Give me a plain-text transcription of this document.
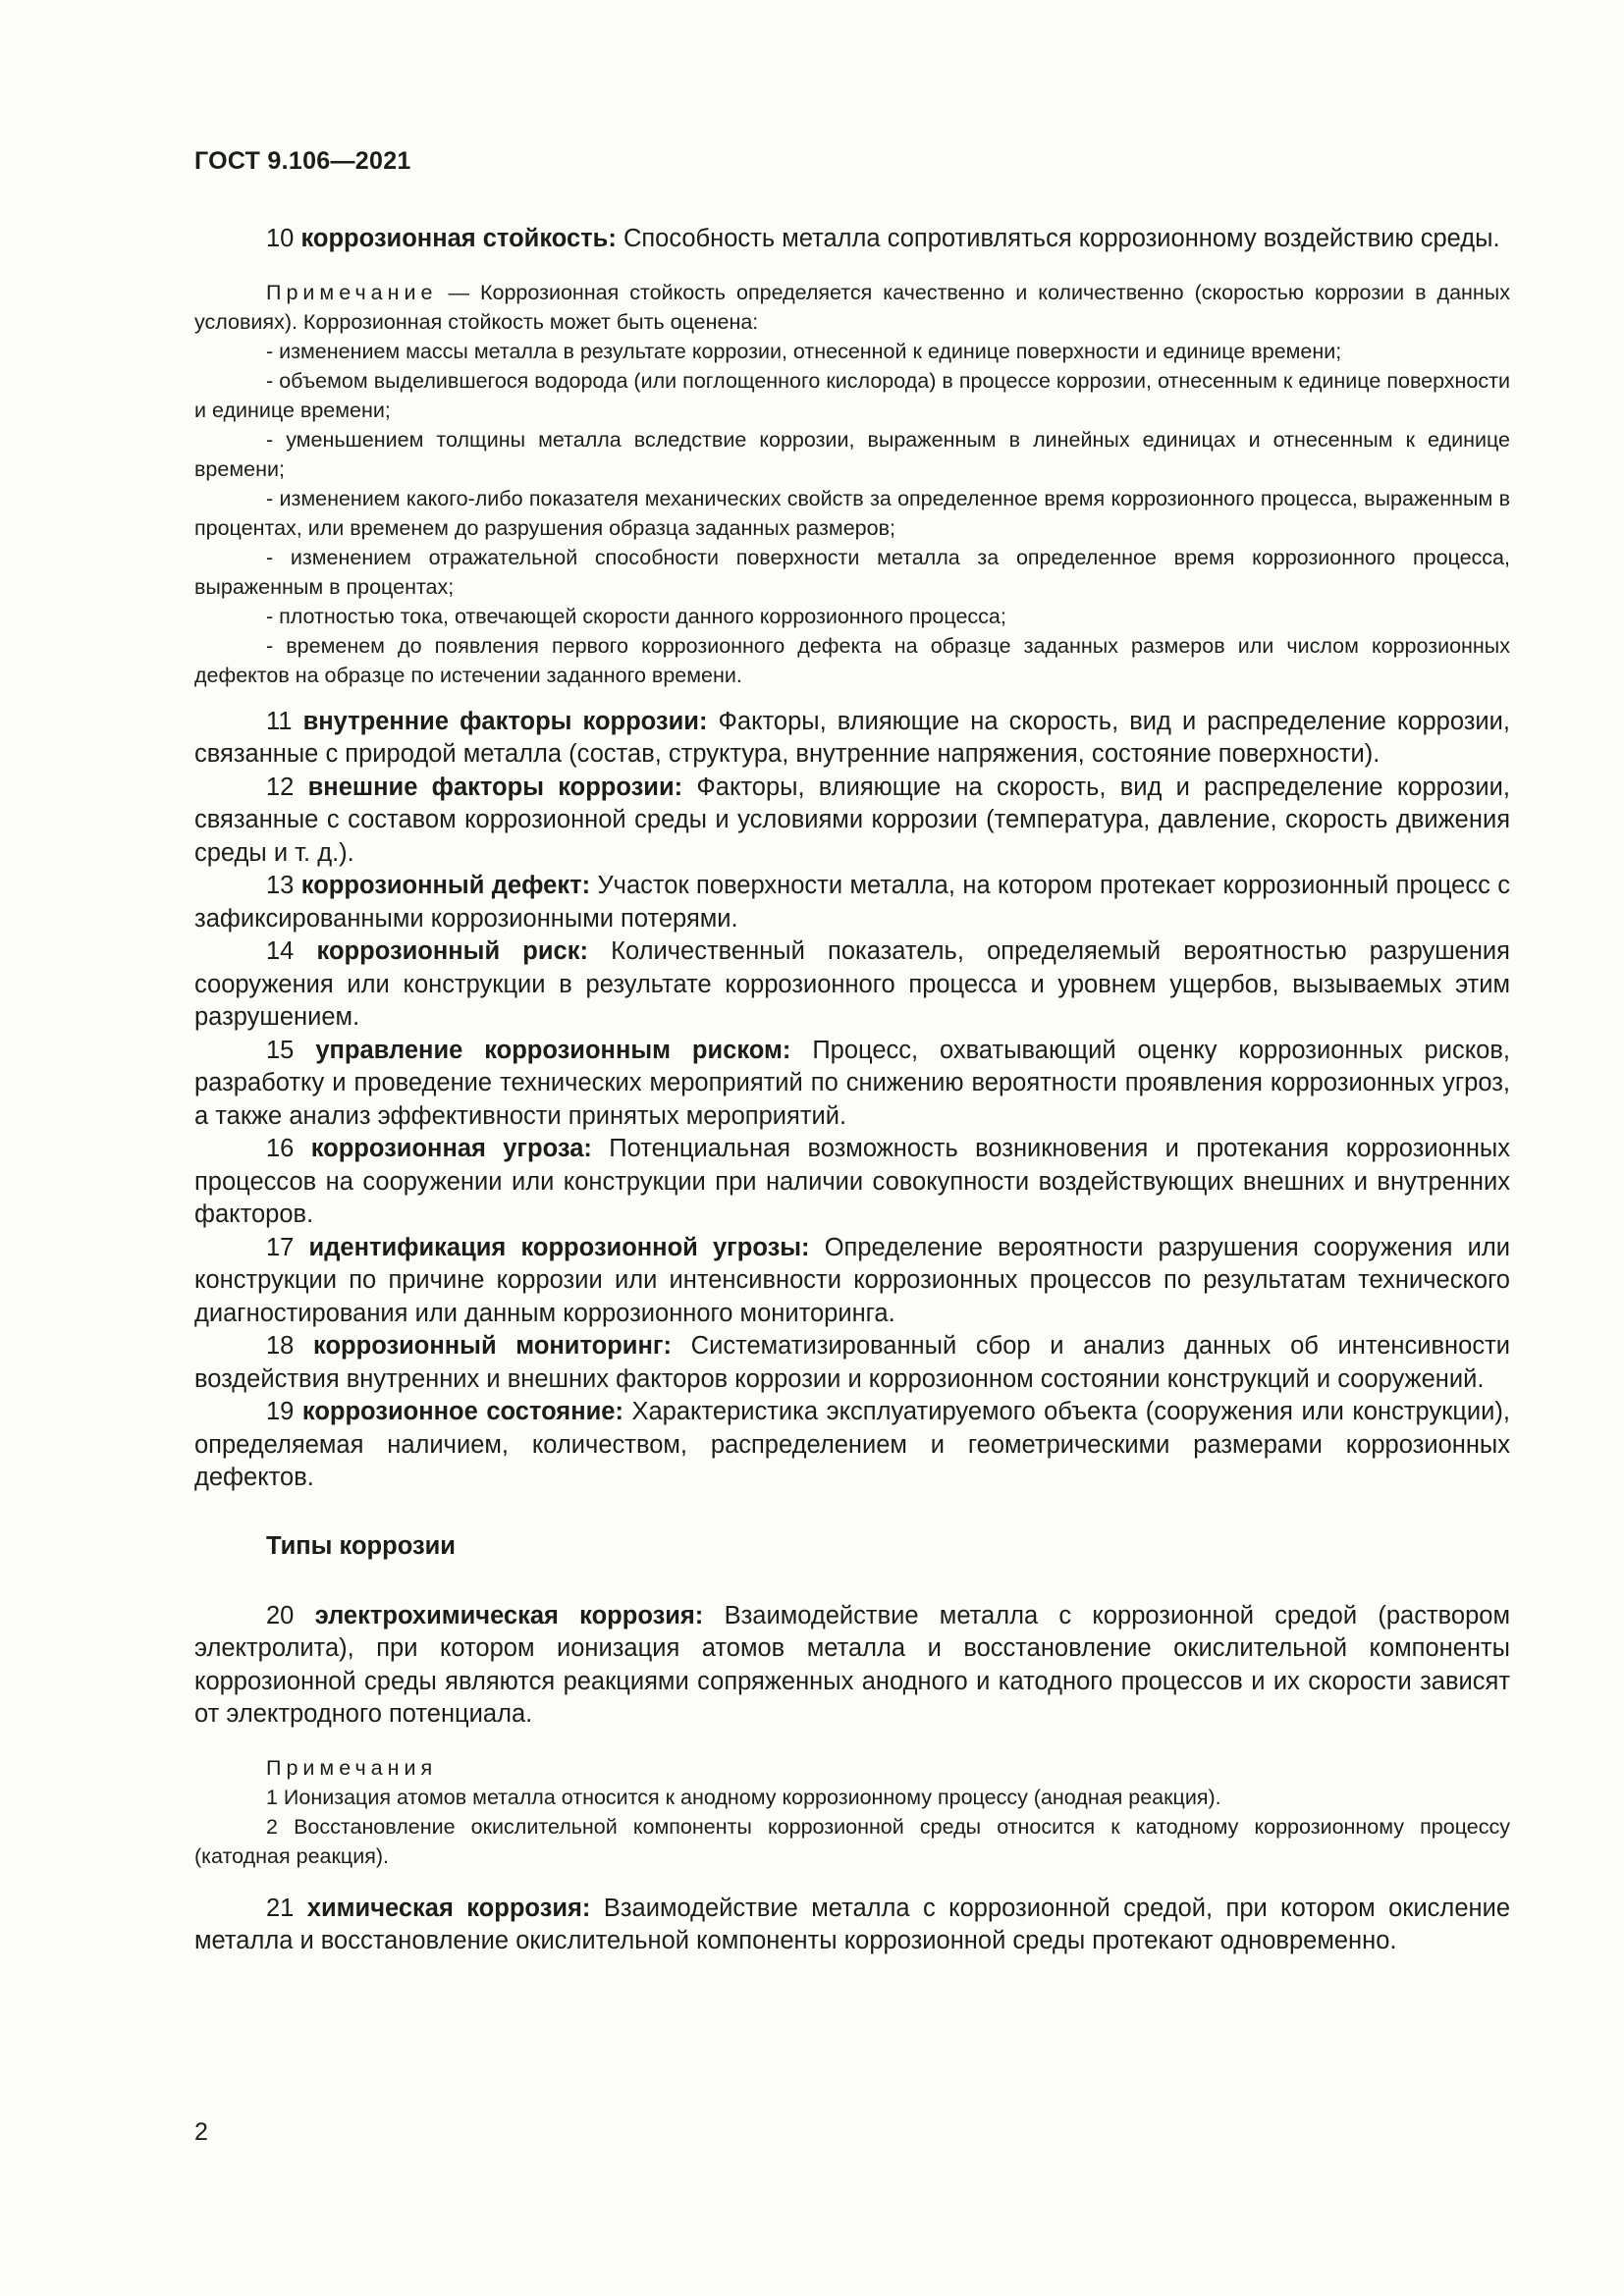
ГОСТ 9.106—2021

10 коррозионная стойкость: Способность металла сопротивляться коррозионному воздействию среды.

Примечание — Коррозионная стойкость определяется качественно и количественно (скоростью коррозии в данных условиях). Коррозионная стойкость может быть оценена:

- изменением массы металла в результате коррозии, отнесенной к единице поверхности и единице времени;

- объемом выделившегося водорода (или поглощенного кислорода) в процессе коррозии, отнесенным к единице поверхности и единице времени;

- уменьшением толщины металла вследствие коррозии, выраженным в линейных единицах и отнесенным к единице времени;

- изменением какого-либо показателя механических свойств за определенное время коррозионного процесса, выраженным в процентах, или временем до разрушения образца заданных размеров;

- изменением отражательной способности поверхности металла за определенное время коррозионного процесса, выраженным в процентах;

- плотностью тока, отвечающей скорости данного коррозионного процесса;

- временем до появления первого коррозионного дефекта на образце заданных размеров или числом коррозионных дефектов на образце по истечении заданного времени.

11 внутренние факторы коррозии: Факторы, влияющие на скорость, вид и распределение коррозии, связанные с природой металла (состав, структура, внутренние напряжения, состояние поверхности).

12 внешние факторы коррозии: Факторы, влияющие на скорость, вид и распределение коррозии, связанные с составом коррозионной среды и условиями коррозии (температура, давление, скорость движения среды и т. д.).

13 коррозионный дефект: Участок поверхности металла, на котором протекает коррозионный процесс с зафиксированными коррозионными потерями.

14 коррозионный риск: Количественный показатель, определяемый вероятностью разрушения сооружения или конструкции в результате коррозионного процесса и уровнем ущербов, вызываемых этим разрушением.

15 управление коррозионным риском: Процесс, охватывающий оценку коррозионных рисков, разработку и проведение технических мероприятий по снижению вероятности проявления коррозионных угроз, а также анализ эффективности принятых мероприятий.

16 коррозионная угроза: Потенциальная возможность возникновения и протекания коррозионных процессов на сооружении или конструкции при наличии совокупности воздействующих внешних и внутренних факторов.

17 идентификация коррозионной угрозы: Определение вероятности разрушения сооружения или конструкции по причине коррозии или интенсивности коррозионных процессов по результатам технического диагностирования или данным коррозионного мониторинга.

18 коррозионный мониторинг: Систематизированный сбор и анализ данных об интенсивности воздействия внутренних и внешних факторов коррозии и коррозионном состоянии конструкций и сооружений.

19 коррозионное состояние: Характеристика эксплуатируемого объекта (сооружения или конструкции), определяемая наличием, количеством, распределением и геометрическими размерами коррозионных дефектов.

Типы коррозии

20 электрохимическая коррозия: Взаимодействие металла с коррозионной средой (раствором электролита), при котором ионизация атомов металла и восстановление окислительной компоненты коррозионной среды являются реакциями сопряженных анодного и катодного процессов и их скорости зависят от электродного потенциала.

Примечания

1 Ионизация атомов металла относится к анодному коррозионному процессу (анодная реакция).

2 Восстановление окислительной компоненты коррозионной среды относится к катодному коррозионному процессу (катодная реакция).

21 химическая коррозия: Взаимодействие металла с коррозионной средой, при котором окисление металла и восстановление окислительной компоненты коррозионной среды протекают одновременно.

2
